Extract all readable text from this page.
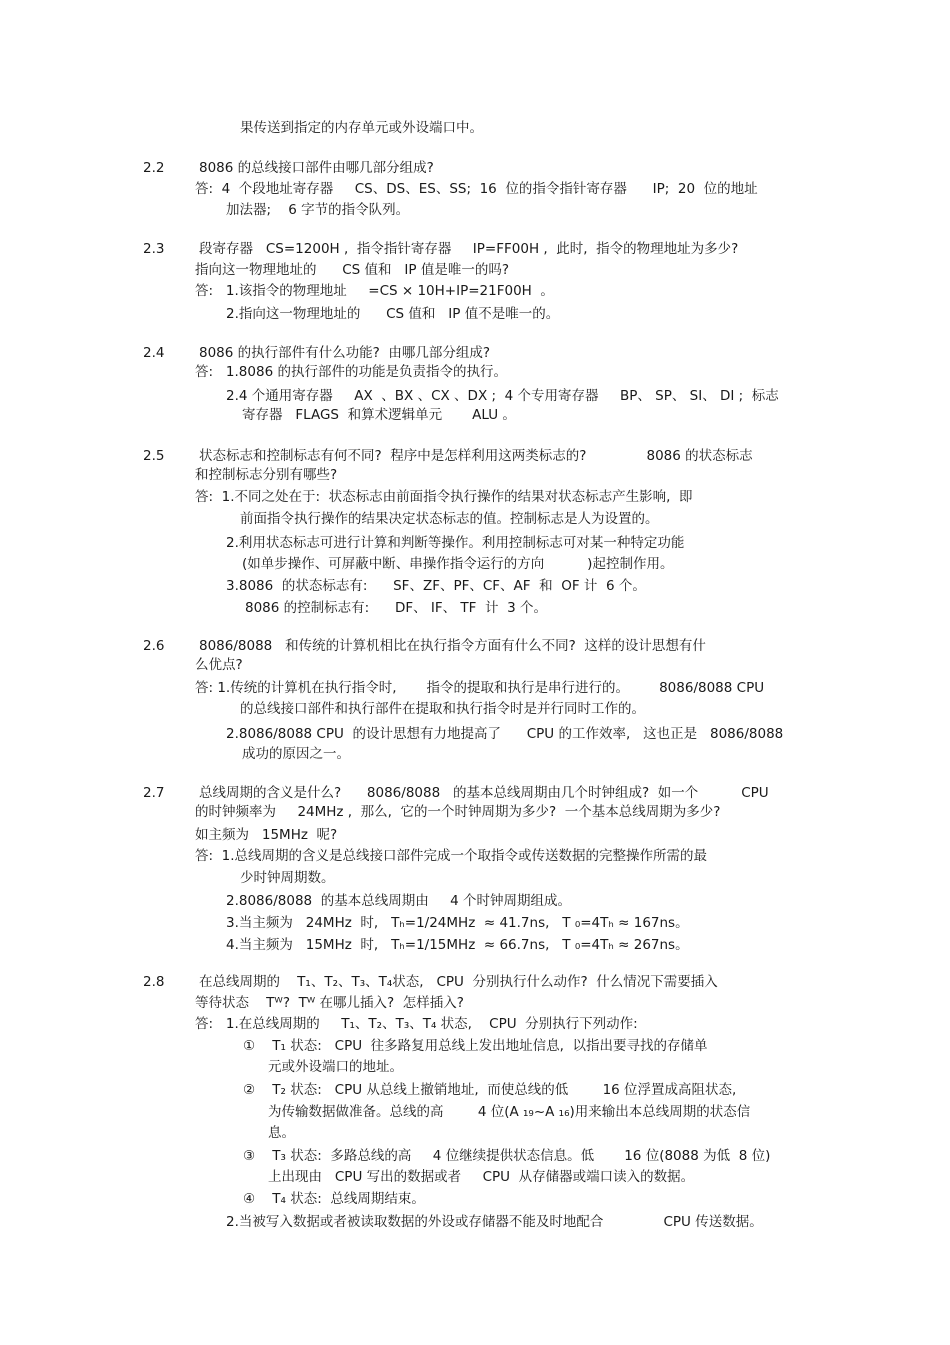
果传送到指定的内存单元或外设端口中。
2.2	8086 的总线接口部件由哪几部分组成?
答:  4  个段地址寄存器     CS、DS、ES、SS;  16  位的指令指针寄存器      IP;  20  位的地址
加法器;    6 字节的指令队列。
2.3	段寄存器   CS=1200H ,  指令指针寄存器     IP=FF00H ,  此时,  指令的物理地址为多少?
指向这一物理地址的      CS 值和   IP 值是唯一的吗?
答:   1.该指令的物理地址     =CS × 10H+IP=21F00H  。
2.指向这一物理地址的      CS 值和   IP 值不是唯一的。
2.4	8086 的执行部件有什么功能?  由哪几部分组成?
答:   1.8086 的执行部件的功能是负责指令的执行。
2.4 个通用寄存器     AX  、BX 、CX 、DX ;  4 个专用寄存器     BP、 SP、 SI、 DI ;  标志
寄存器   FLAGS  和算术逻辑单元       ALU 。
2.5	状态标志和控制标志有何不同?  程序中是怎样利用这两类标志的?              8086 的状态标志
和控制标志分别有哪些?
答:  1.不同之处在于:  状态标志由前面指令执行操作的结果对状态标志产生影响,  即
前面指令执行操作的结果决定状态标志的值。控制标志是人为设置的。
2.利用状态标志可进行计算和判断等操作。利用控制标志可对某一种特定功能
(如单步操作、可屏蔽中断、串操作指令运行的方向          )起控制作用。
3.8086  的状态标志有:      SF、ZF、PF、CF、AF  和  OF 计  6 个。
8086 的控制标志有:      DF、 IF、 TF  计  3 个。
2.6	8086/8088   和传统的计算机相比在执行指令方面有什么不同?  这样的设计思想有什
么优点?
答: 1.传统的计算机在执行指令时,       指令的提取和执行是串行进行的。       8086/8088 CPU
的总线接口部件和执行部件在提取和执行指令时是并行同时工作的。
2.8086/8088 CPU  的设计思想有力地提高了      CPU 的工作效率,   这也正是   8086/8088
成功的原因之一。
2.7	总线周期的含义是什么?      8086/8088   的基本总线周期由几个时钟组成?  如一个          CPU
的时钟频率为     24MHz ,  那么,  它的一个时钟周期为多少?  一个基本总线周期为多少?
如主频为   15MHz  呢?
答:  1.总线周期的含义是总线接口部件完成一个取指令或传送数据的完整操作所需的最
少时钟周期数。
2.8086/8088  的基本总线周期由     4 个时钟周期组成。
3.当主频为   24MHz  时,   Tₕ=1/24MHz  ≈ 41.7ns,   T ₀=4Tₕ ≈ 167ns。
4.当主频为   15MHz  时,   Tₕ=1/15MHz  ≈ 66.7ns,   T ₀=4Tₕ ≈ 267ns。
2.8	在总线周期的    T₁、T₂、T₃、T₄状态,   CPU  分别执行什么动作?  什么情况下需要插入
等待状态    Tᵂ?  Tᵂ 在哪儿插入?  怎样插入?
答:   1.在总线周期的     T₁、T₂、T₃、T₄ 状态,    CPU  分别执行下列动作:
①    T₁ 状态:   CPU  往多路复用总线上发出地址信息,  以指出要寻找的存储单
元或外设端口的地址。
②    T₂ 状态:   CPU 从总线上撤销地址,  而使总线的低        16 位浮置成高阻状态,
为传输数据做准备。总线的高        4 位(A ₁₉~A ₁₆)用来输出本总线周期的状态信
息。
③    T₃ 状态:  多路总线的高     4 位继续提供状态信息。低       16 位(8088 为低  8 位)
上出现由   CPU 写出的数据或者     CPU  从存储器或端口读入的数据。
④    T₄ 状态:  总线周期结束。
2.当被写入数据或者被读取数据的外设或存储器不能及时地配合              CPU 传送数据。
